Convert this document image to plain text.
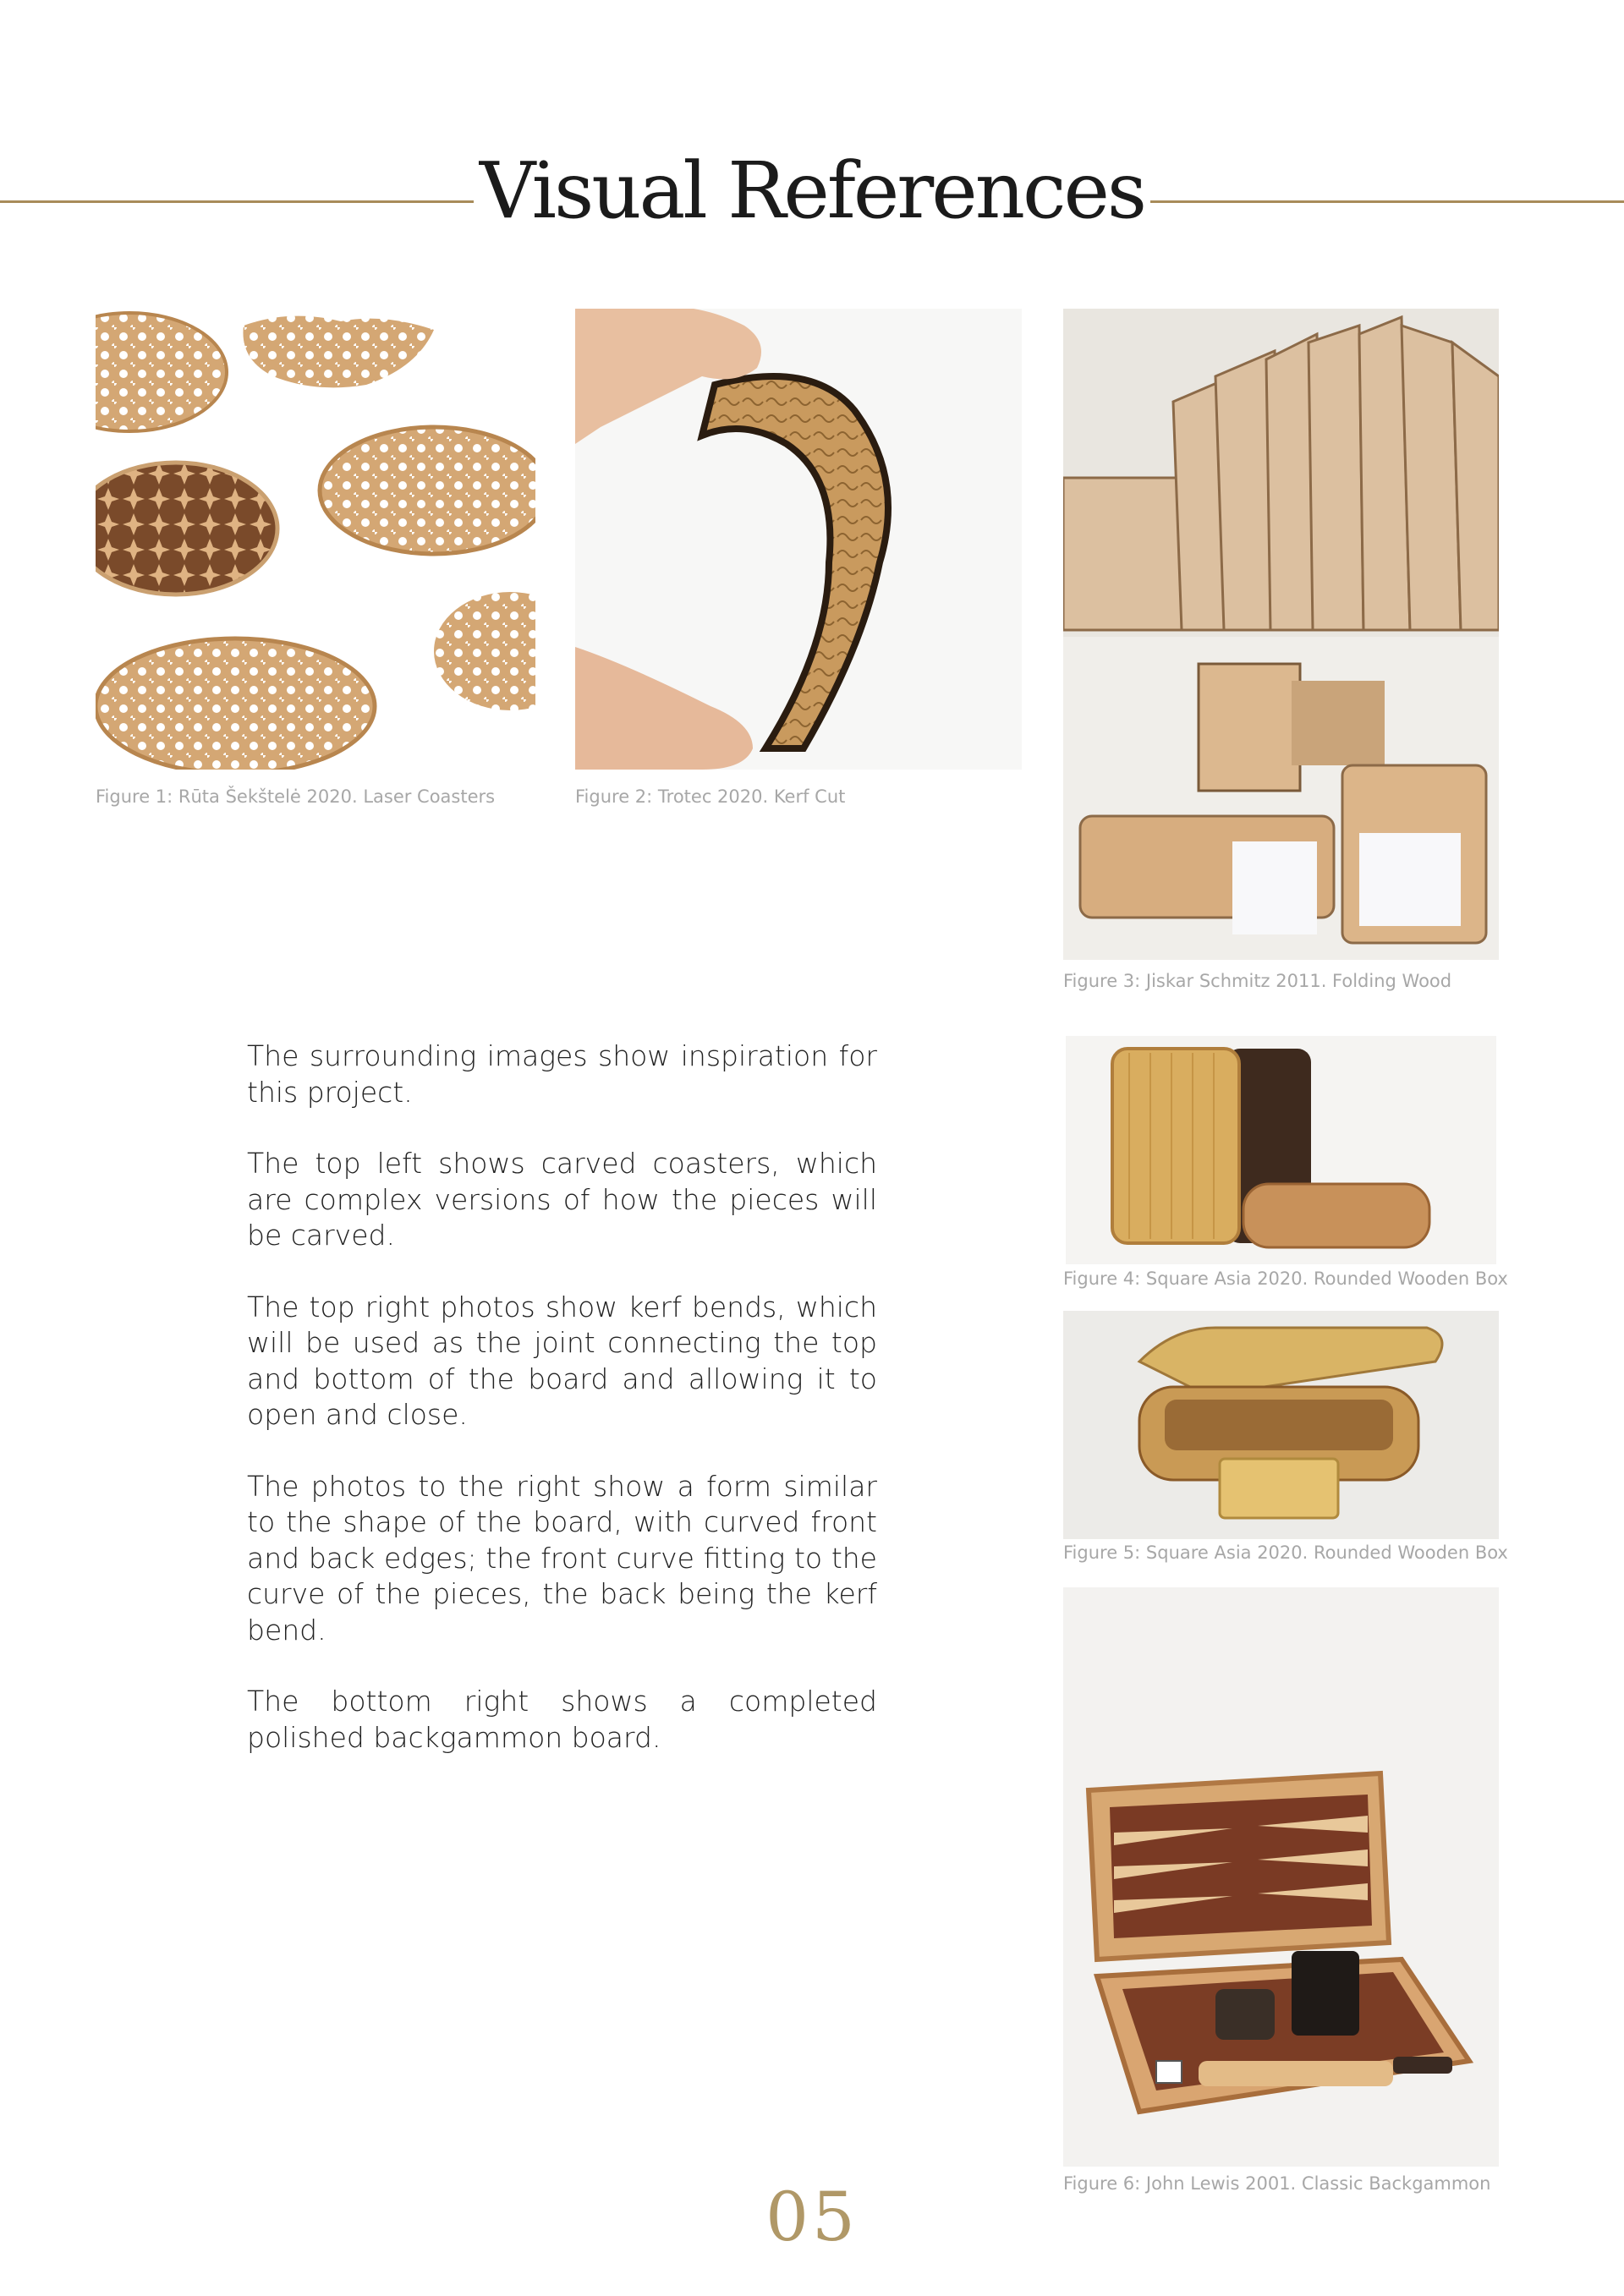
Visual References
Figure 1: Rūta Šekštelė 2020. Laser Coasters	Figure 2: Trotec 2020. Kerf Cut
Figure 3: Jiskar Schmitz 2011. Folding Wood

The surrounding images show inspiration for this project.

The top left shows carved coasters, which are complex versions of how the pieces will be carved.

The top right photos show kerf bends, which will be used as the joint connecting the top and bottom of the board and allowing it to open and close.

The photos to the right show a form similar to the shape of the board, with curved front and back edges; the front curve fitting to the curve of the pieces, the back being the kerf bend.

The bottom right shows a completed polished backgammon board.

Figure 4: Square Asia 2020. Rounded Wooden Box
Figure 5: Square Asia 2020. Rounded Wooden Box
Figure 6: John Lewis 2001. Classic Backgammon
05
